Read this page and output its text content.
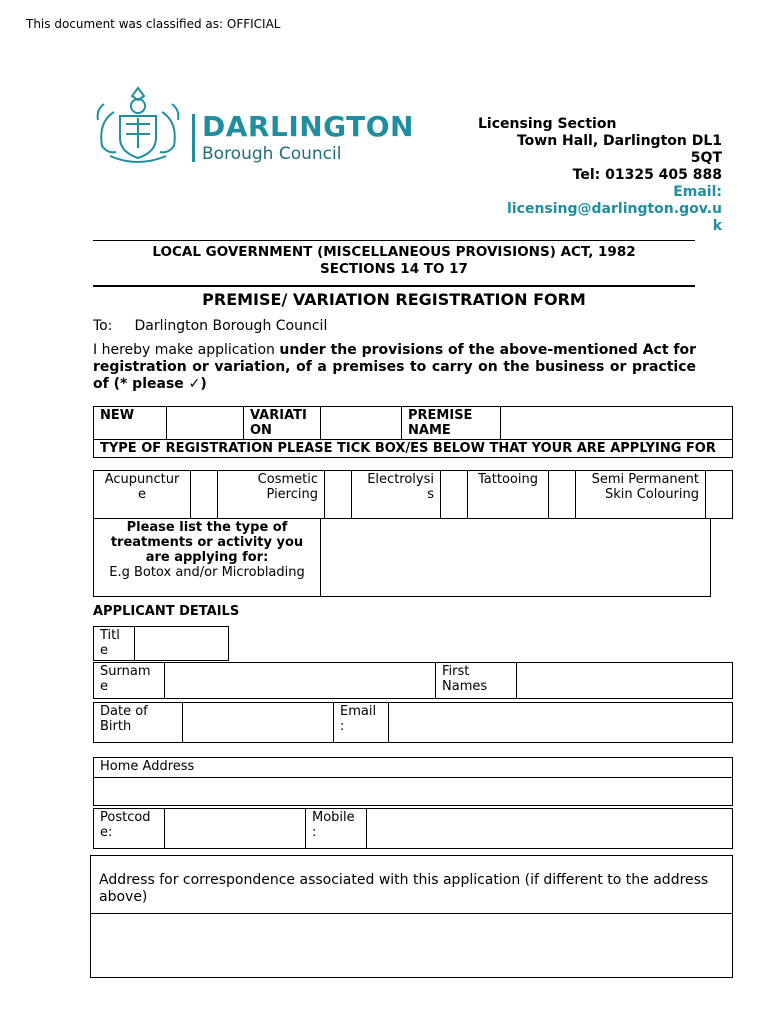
This document was classified as: OFFICIAL
DARLINGTON
Borough Council
Licensing Section
Town Hall, Darlington DL1
5QT
Tel: 01325 405 888
Email:
licensing@darlington.gov.u
k
LOCAL GOVERNMENT (MISCELLANEOUS PROVISIONS) ACT, 1982
SECTIONS 14 TO 17
PREMISE/ VARIATION REGISTRATION FORM
To: Darlington Borough Council
I hereby make application under the provisions of the above-mentioned Act for registration or variation, of a premises to carry on the business or practice of (* please ✓)
NEW		VARIATI ON		PREMISE NAME	
TYPE OF REGISTRATION PLEASE TICK BOX/ES BELOW THAT YOUR ARE APPLYING FOR
Acupunctur e		Cosmetic Piercing		Electrolysi s		Tattooing		Semi Permanent Skin Colouring	
Please list the type of treatments or activity you are applying for:
E.g Botox and/or Microblading

APPLICANT DETAILS
Titl e	
Surnam e		First Names	
Date of Birth		Email :	
Home Address

Postcod e:		Mobile :	
Address for correspondence associated with this application (if different to the address above)
